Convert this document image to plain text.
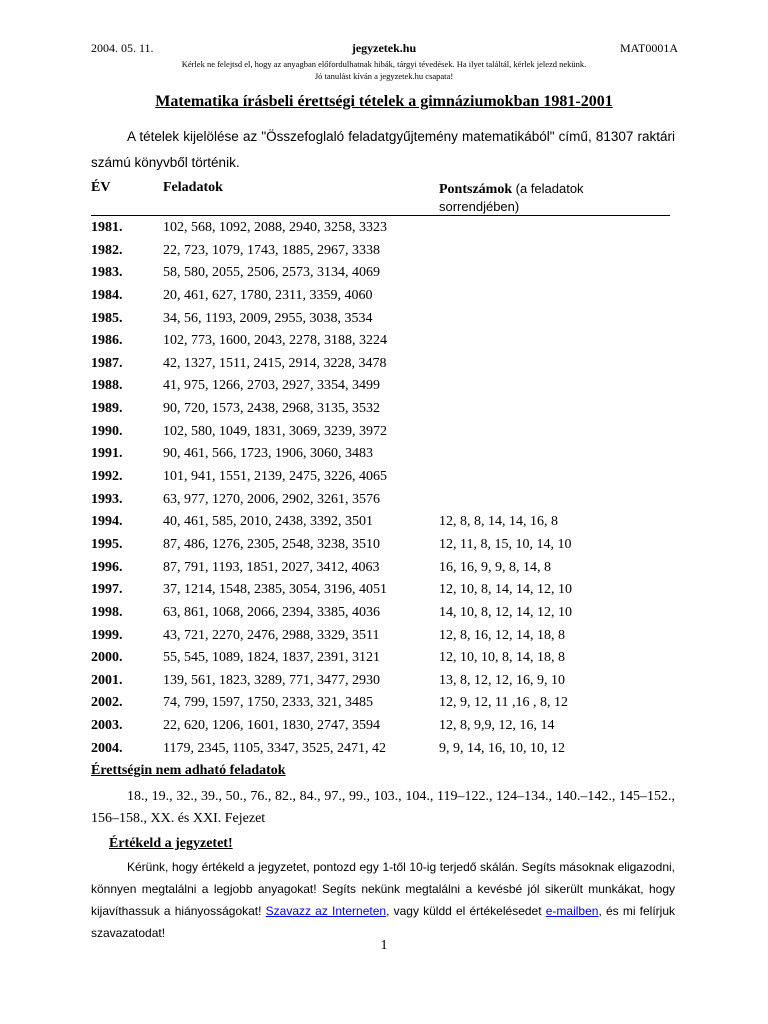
2004. 05. 11.	jegyzetek.hu	MAT0001A
Kérlek ne felejtsd el, hogy az anyagban előfordulhatnak hibák, tárgyi tévedések. Ha ilyet találtál, kérlek jelezd nekünk.
Jó tanulást kíván a jegyzetek.hu csapata!
Matematika írásbeli érettségi tételek a gimnáziumokban 1981-2001
A tételek kijelölése az "Összefoglaló feladatgyűjtemény matematikából" című, 81307 raktári számú könyvből történik.
ÉV	Feladatok	Pontszámok (a feladatok sorrendjében)
1981.	102, 568, 1092, 2088, 2940, 3258, 3323
1982.	22, 723, 1079, 1743, 1885, 2967, 3338
1983.	58, 580, 2055, 2506, 2573, 3134, 4069
1984.	20, 461, 627, 1780, 2311, 3359, 4060
1985.	34, 56, 1193, 2009, 2955, 3038, 3534
1986.	102, 773, 1600, 2043, 2278, 3188, 3224
1987.	42, 1327, 1511, 2415, 2914, 3228, 3478
1988.	41, 975, 1266, 2703, 2927, 3354, 3499
1989.	90, 720, 1573, 2438, 2968, 3135, 3532
1990.	102, 580, 1049, 1831, 3069, 3239, 3972
1991.	90, 461, 566, 1723, 1906, 3060, 3483
1992.	101, 941, 1551, 2139, 2475, 3226, 4065
1993.	63, 977, 1270, 2006, 2902, 3261, 3576
1994.	40, 461, 585, 2010, 2438, 3392, 3501	12, 8, 8, 14, 14, 16, 8
1995.	87, 486, 1276, 2305, 2548, 3238, 3510	12, 11, 8, 15, 10, 14, 10
1996.	87, 791, 1193, 1851, 2027, 3412, 4063	16, 16, 9, 9, 8, 14, 8
1997.	37, 1214, 1548, 2385, 3054, 3196, 4051	12, 10, 8, 14, 14, 12, 10
1998.	63, 861, 1068, 2066, 2394, 3385, 4036	14, 10, 8, 12, 14, 12, 10
1999.	43, 721, 2270, 2476, 2988, 3329, 3511	12, 8, 16, 12, 14, 18, 8
2000.	55, 545, 1089, 1824, 1837, 2391, 3121	12, 10, 10, 8, 14, 18, 8
2001.	139, 561, 1823, 3289, 771, 3477, 2930	13, 8, 12, 12, 16, 9, 10
2002.	74, 799, 1597, 1750, 2333, 321, 3485	12, 9, 12, 11 ,16 , 8, 12
2003.	22, 620, 1206, 1601, 1830, 2747, 3594	12, 8, 9,9, 12, 16, 14
2004.	1179, 2345, 1105, 3347, 3525, 2471, 42	9, 9, 14, 16, 10, 10, 12
Érettségin nem adható feladatok
18., 19., 32., 39., 50., 76., 82., 84., 97., 99., 103., 104., 119–122., 124–134., 140.–142., 145–152., 156–158., XX. és XXI. Fejezet
Értékeld a jegyzetet!
Kérünk, hogy értékeld a jegyzetet, pontozd egy 1-től 10-ig terjedő skálán. Segíts másoknak eligazodni, könnyen megtalálni a legjobb anyagokat! Segíts nekünk megtalálni a kevésbé jól sikerült munkákat, hogy kijavíthassuk a hiányosságokat! Szavazz az Interneten, vagy küldd el értékelésedet e-mailben, és mi felírjuk szavazatodat!
1
